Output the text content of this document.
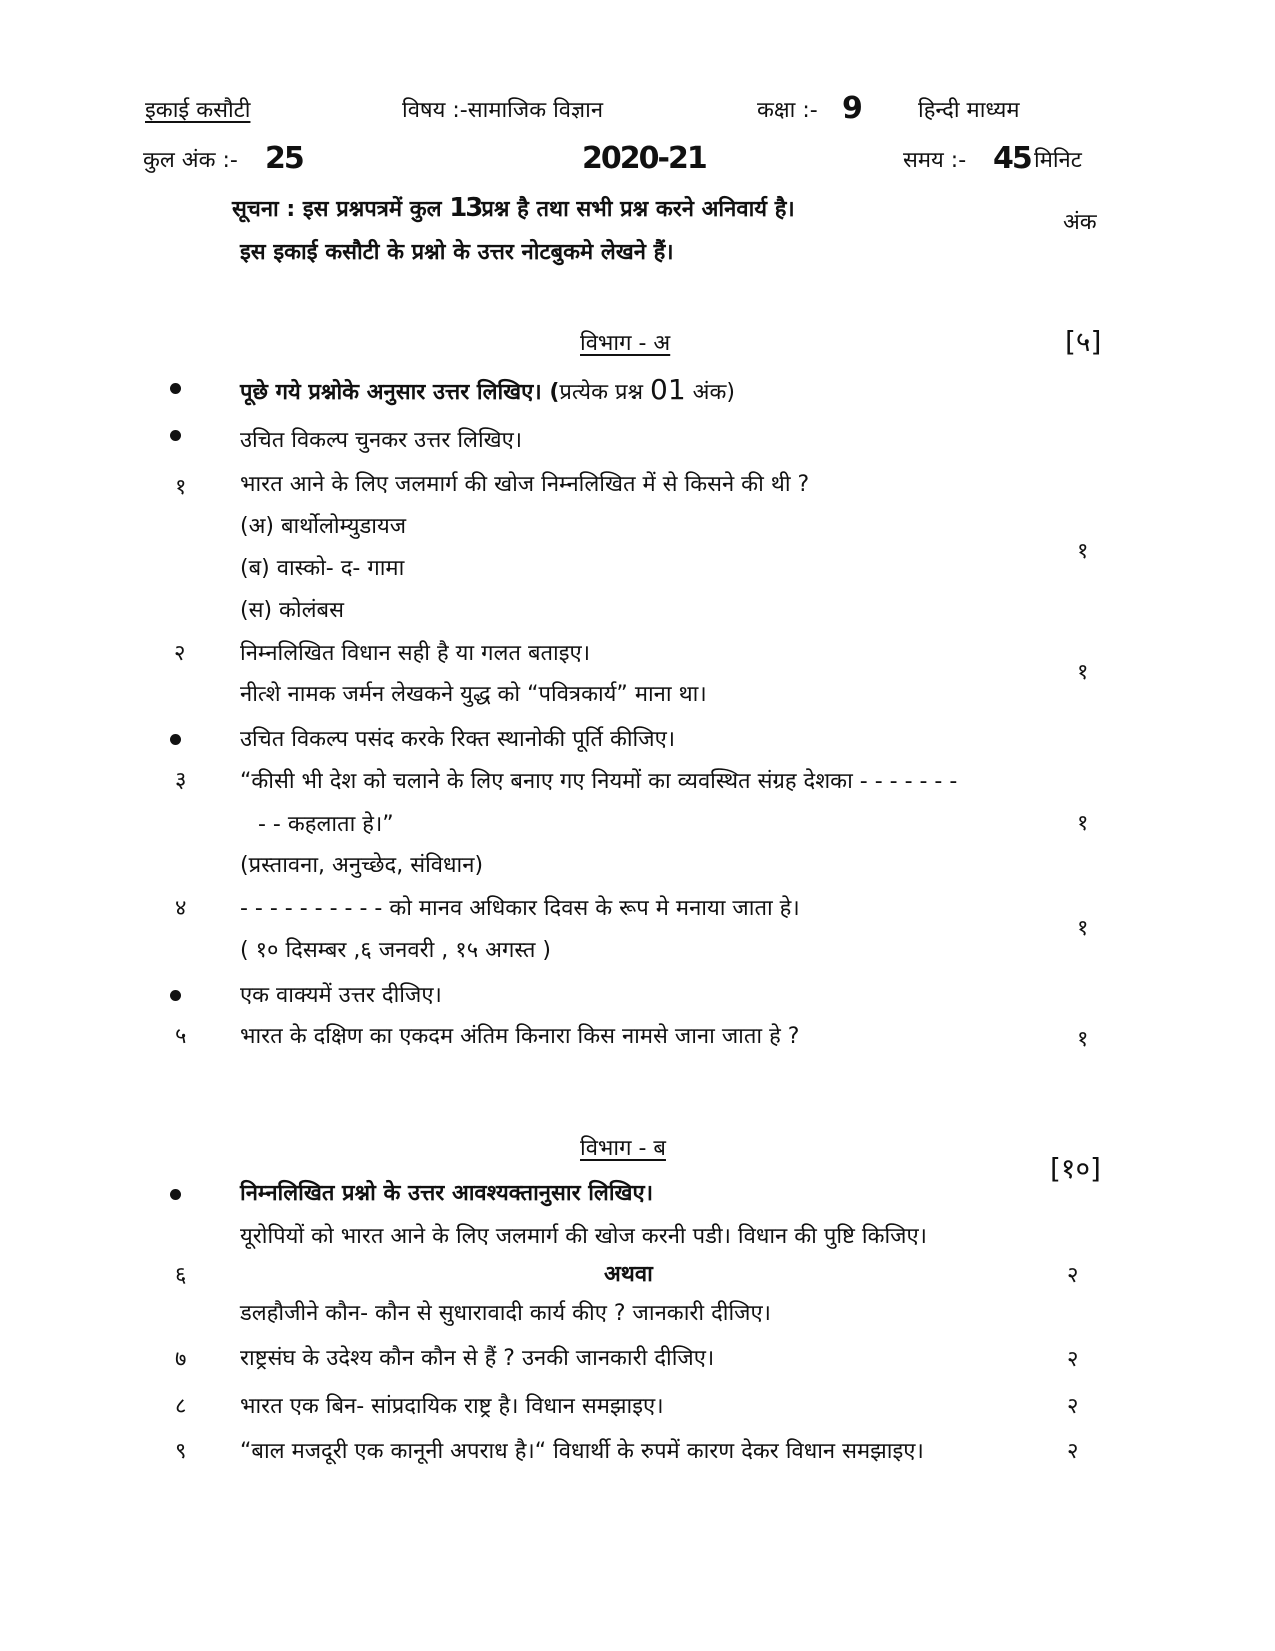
इकाई कसौटी	विषय :-सामाजिक विज्ञान	कक्षा :- 9	हिन्दी माध्यम
कुल अंक :- 25	2020-21	समय :- 45 मिनिट
सूचना : इस प्रश्नपत्रमें कुल 13प्रश्न है तथा सभी प्रश्न करने अनिवार्य है।
अंक
इस इकाई कसौटी के प्रश्नो के उत्तर नोटबुकमे लेखने हैं।
विभाग - अ	[५]
पूछे गये प्रश्नोके अनुसार उत्तर लिखिए। (प्रत्येक प्रश्न 01 अंक)
उचित विकल्प चुनकर उत्तर लिखिए।
१ भारत आने के लिए जलमार्ग की खोज निम्नलिखित में से किसने की थी ?
(अ) बार्थोलोम्युडायज
(ब) वास्को- द- गामा
(स) कोलंबस
१
२ निम्नलिखित विधान सही है या गलत बताइए।
नीत्शे नामक जर्मन लेखकने युद्ध को “पवित्रकार्य” माना था।
१
उचित विकल्प पसंद करके रिक्त स्थानोकी पूर्ति कीजिए।
३ “कीसी भी देश को चलाने के लिए बनाए गए नियमों का व्यवस्थित संग्रह देशका - - - - - - -
- - कहलाता हे।”
(प्रस्तावना, अनुच्छेद, संविधान)
१
४ - - - - - - - - - - को मानव अधिकार दिवस के रूप मे मनाया जाता हे।
( १० दिसम्बर ,६ जनवरी , १५ अगस्त )
१
एक वाक्यमें उत्तर दीजिए।
५ भारत के दक्षिण का एकदम अंतिम किनारा किस नामसे जाना जाता हे ?	१
विभाग - ब
[१०]
निम्नलिखित प्रश्नो के उत्तर आवश्यक्तानुसार लिखिए।
यूरोपियों को भारत आने के लिए जलमार्ग की खोज करनी पडी। विधान की पुष्टि किजिए।
६	अथवा	२
डलहौजीने कौन- कौन से सुधारावादी कार्य कीए ? जानकारी दीजिए।
७ राष्ट्रसंघ के उदेश्य कौन कौन से हैं ? उनकी जानकारी दीजिए।	२
८ भारत एक बिन- सांप्रदायिक राष्ट्र है। विधान समझाइए।	२
९ “बाल मजदूरी एक कानूनी अपराध है।“ विधार्थी के रुपमें कारण देकर विधान समझाइए।	२
